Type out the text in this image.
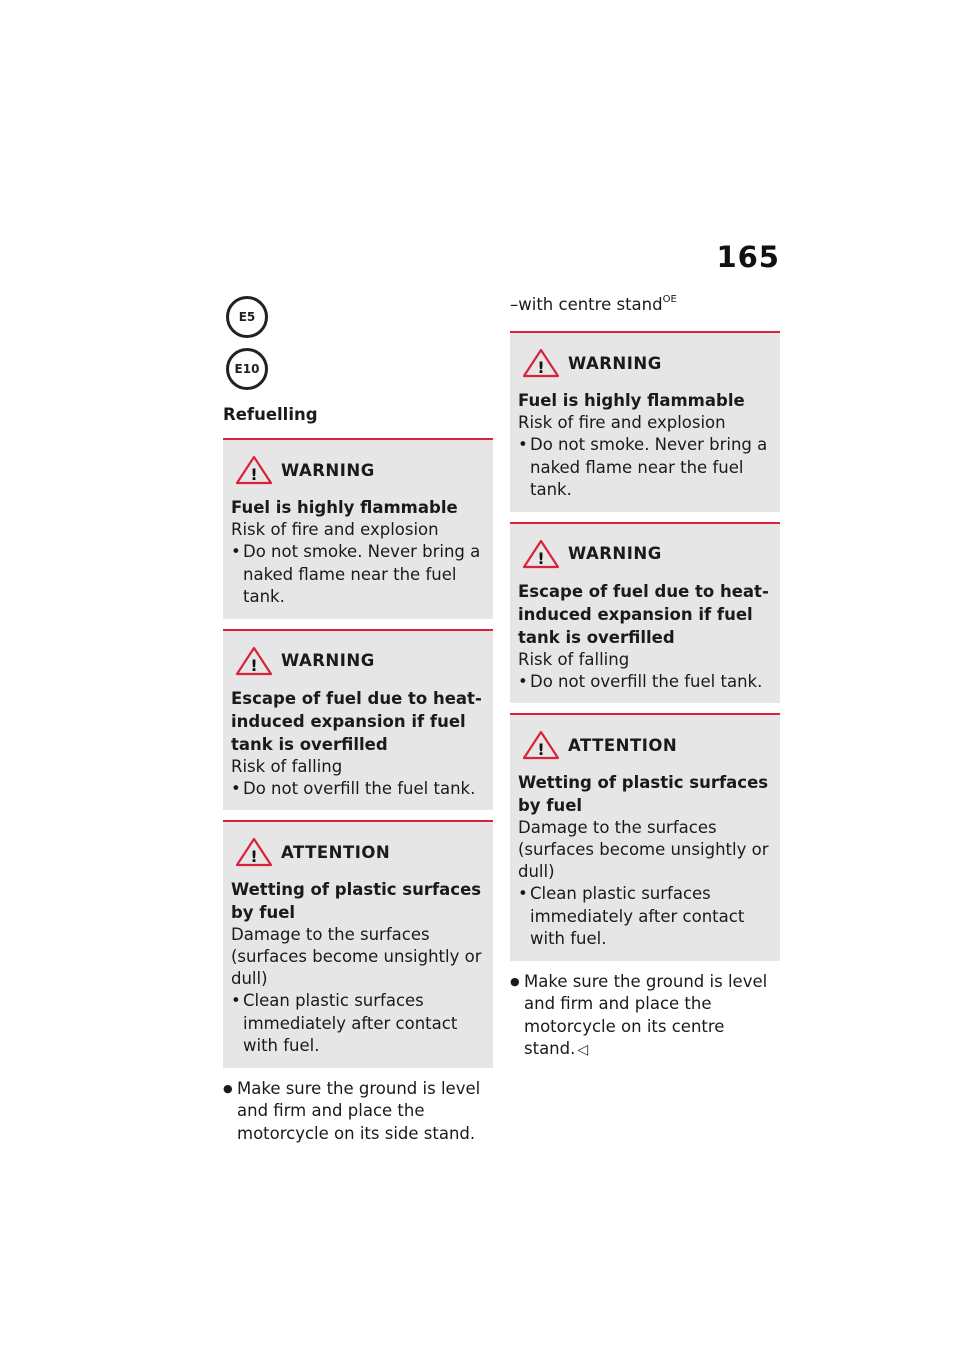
165
E5
E10
Refuelling
! WARNING
Fuel is highly flammable
Risk of fire and explosion
• Do not smoke. Never bring a naked flame near the fuel tank.
! WARNING
Escape of fuel due to heat-induced expansion if fuel tank is overfilled
Risk of falling
• Do not overfill the fuel tank.
! ATTENTION
Wetting of plastic surfaces by fuel
Damage to the surfaces (surfaces become unsightly or dull)
• Clean plastic surfaces immediately after contact with fuel.
● Make sure the ground is level and firm and place the motorcycle on its side stand.
–with centre stand$^{OE}$
! WARNING
Fuel is highly flammable
Risk of fire and explosion
• Do not smoke. Never bring a naked flame near the fuel tank.
! WARNING
Escape of fuel due to heat-induced expansion if fuel tank is overfilled
Risk of falling
• Do not overfill the fuel tank.
! ATTENTION
Wetting of plastic surfaces by fuel
Damage to the surfaces (surfaces become unsightly or dull)
• Clean plastic surfaces immediately after contact with fuel.
● Make sure the ground is level and firm and place the motorcycle on its centre stand. ◁
